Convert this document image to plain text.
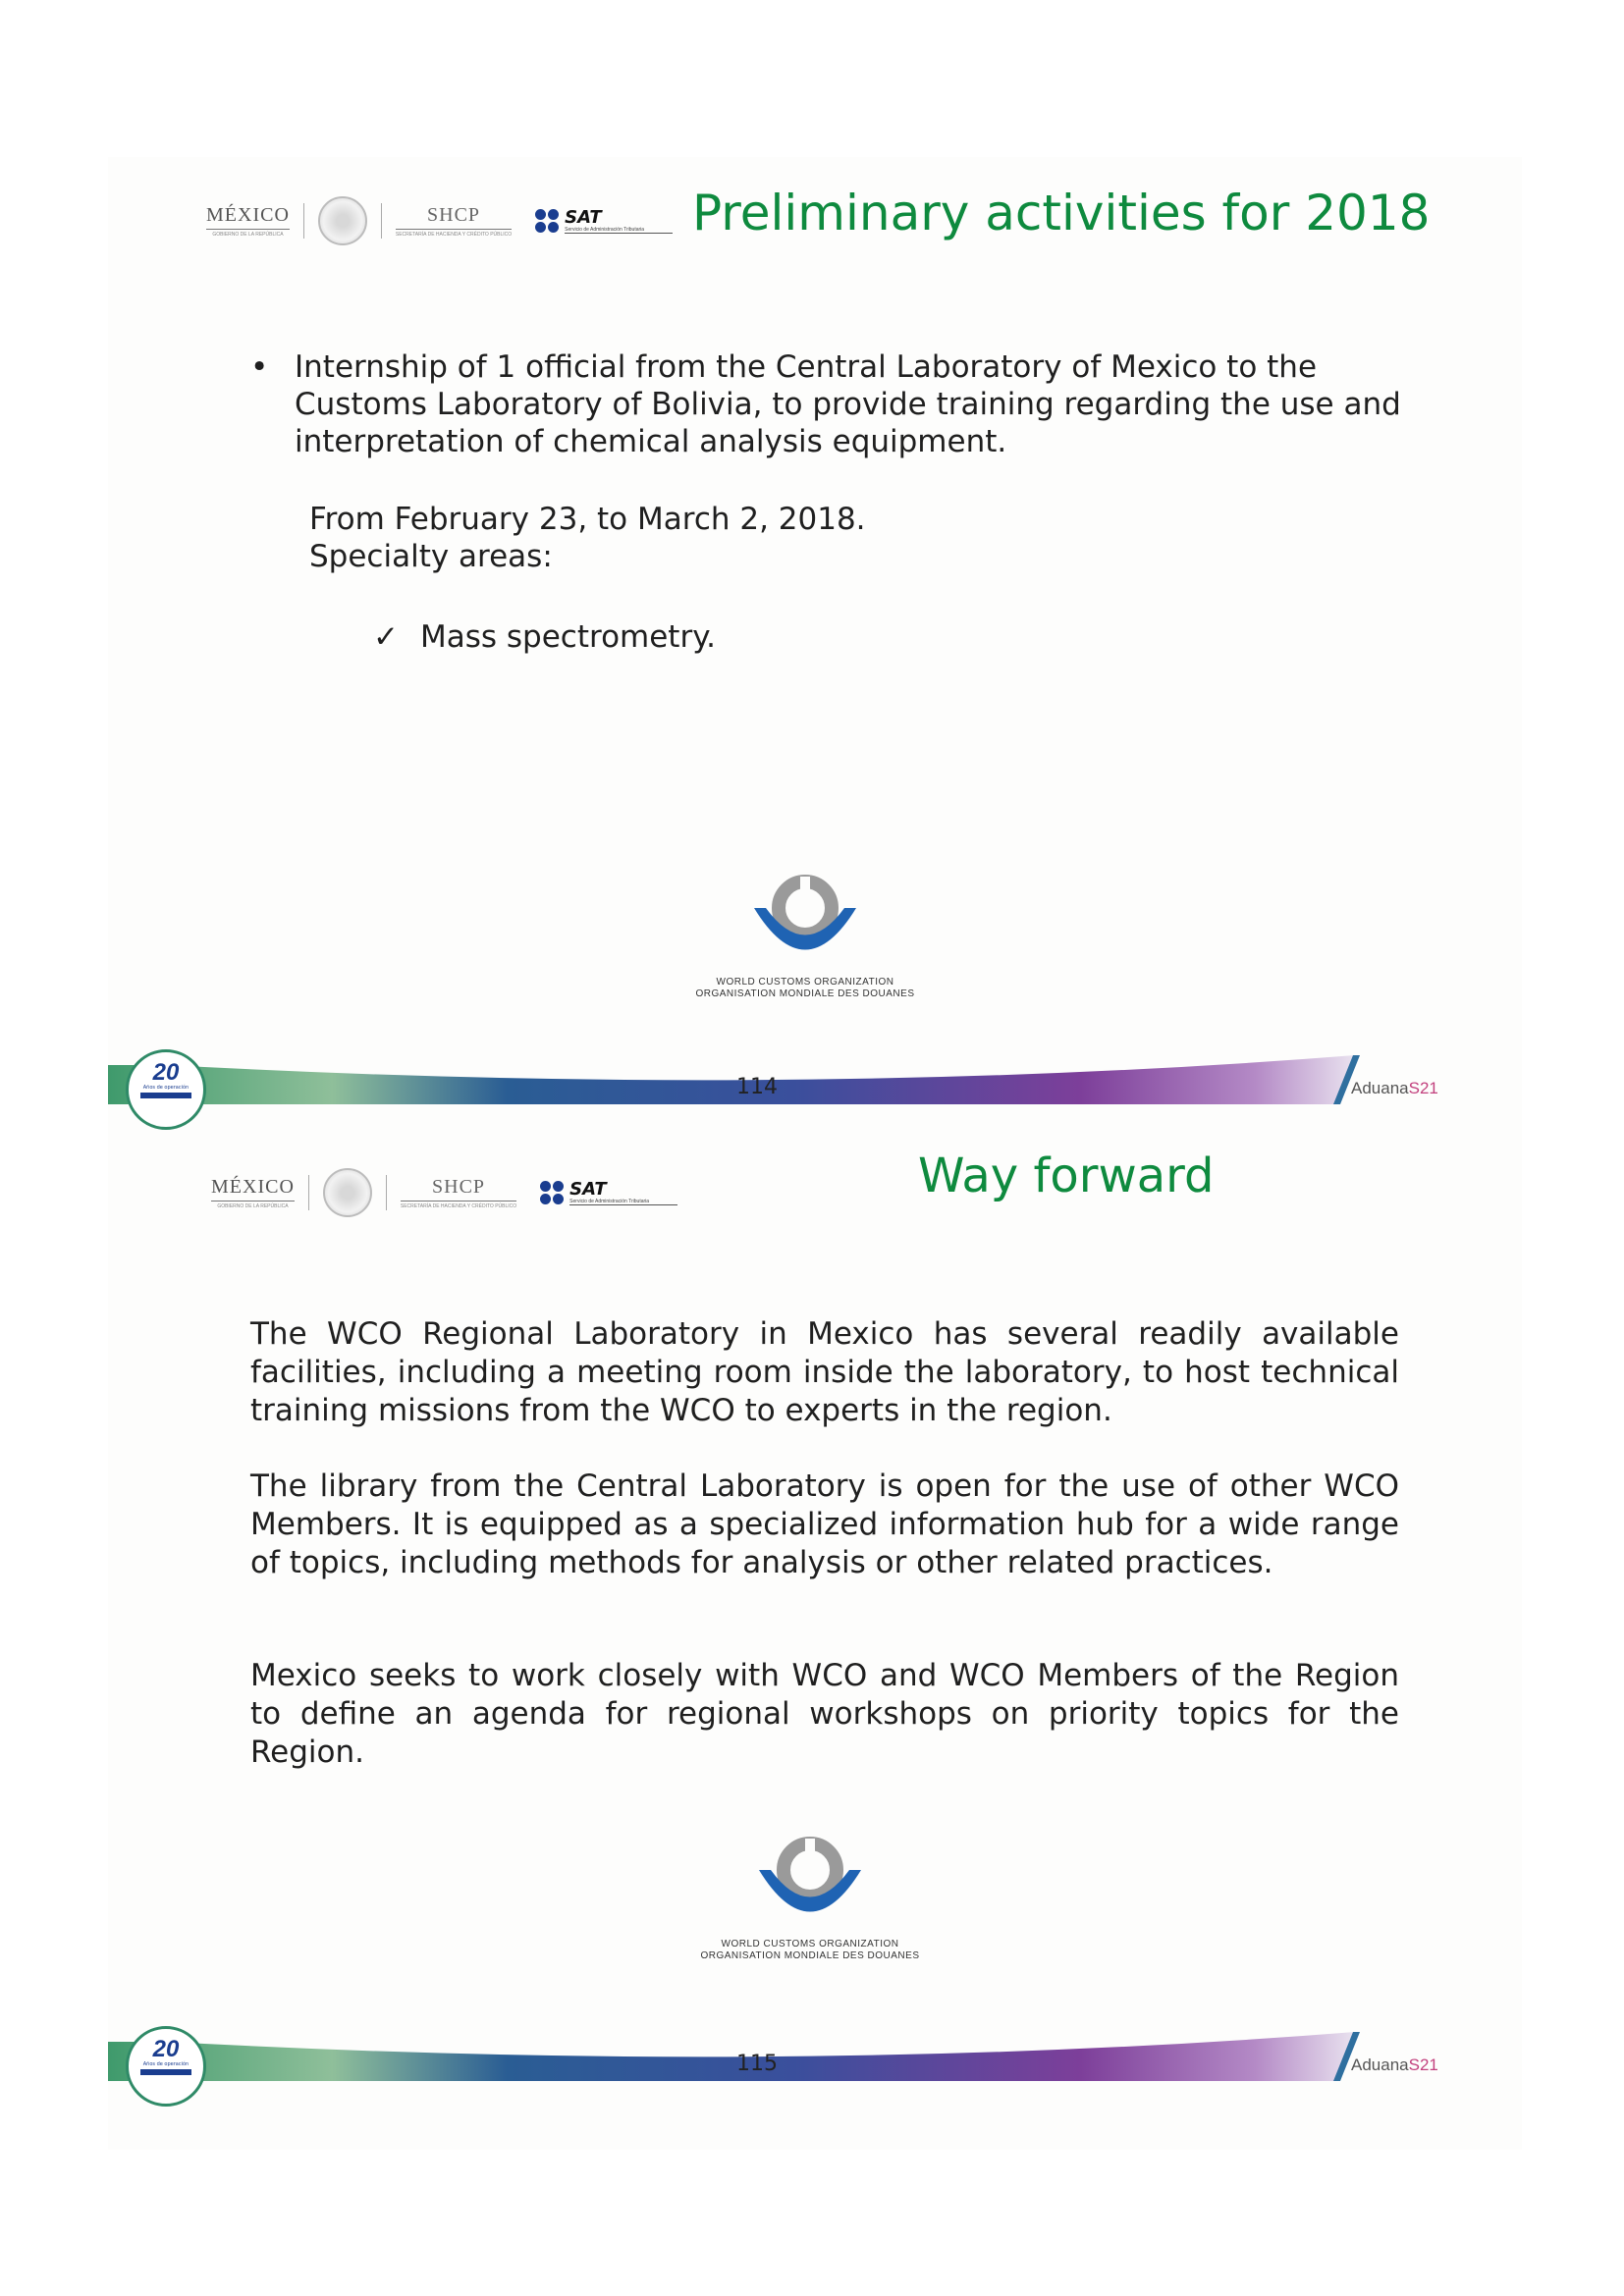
MÉXICO
GOBIERNO DE LA REPÚBLICA
SHCP
SECRETARÍA DE HACIENDA Y CRÉDITO PÚBLICO
SAT
Servicio de Administración Tributaria Preliminary activities for 2018
• Internship of 1 official from the Central Laboratory of Mexico to the Customs Laboratory of Bolivia, to provide training regarding the use and interpretation of chemical analysis equipment.
From February 23, to March 2, 2018.
Specialty areas:
✓ Mass spectrometry.
WORLD CUSTOMS ORGANIZATION
ORGANISATION MONDIALE DES DOUANES
20
Años de operación	114	AduanaS21
MÉXICO
GOBIERNO DE LA REPÚBLICA
SHCP
SECRETARÍA DE HACIENDA Y CRÉDITO PÚBLICO
SAT
Servicio de Administración Tributaria	Way forward
The WCO Regional Laboratory in Mexico has several readily available facilities, including a meeting room inside the laboratory, to host technical training missions from the WCO to experts in the region.
The library from the Central Laboratory is open for the use of other WCO Members. It is equipped as a specialized information hub for a wide range of topics, including methods for analysis or other related practices.
Mexico seeks to work closely with WCO and WCO Members of the Region to define an agenda for regional workshops on priority topics for the Region.
WORLD CUSTOMS ORGANIZATION
ORGANISATION MONDIALE DES DOUANES
20
Años de operación	115	AduanaS21
